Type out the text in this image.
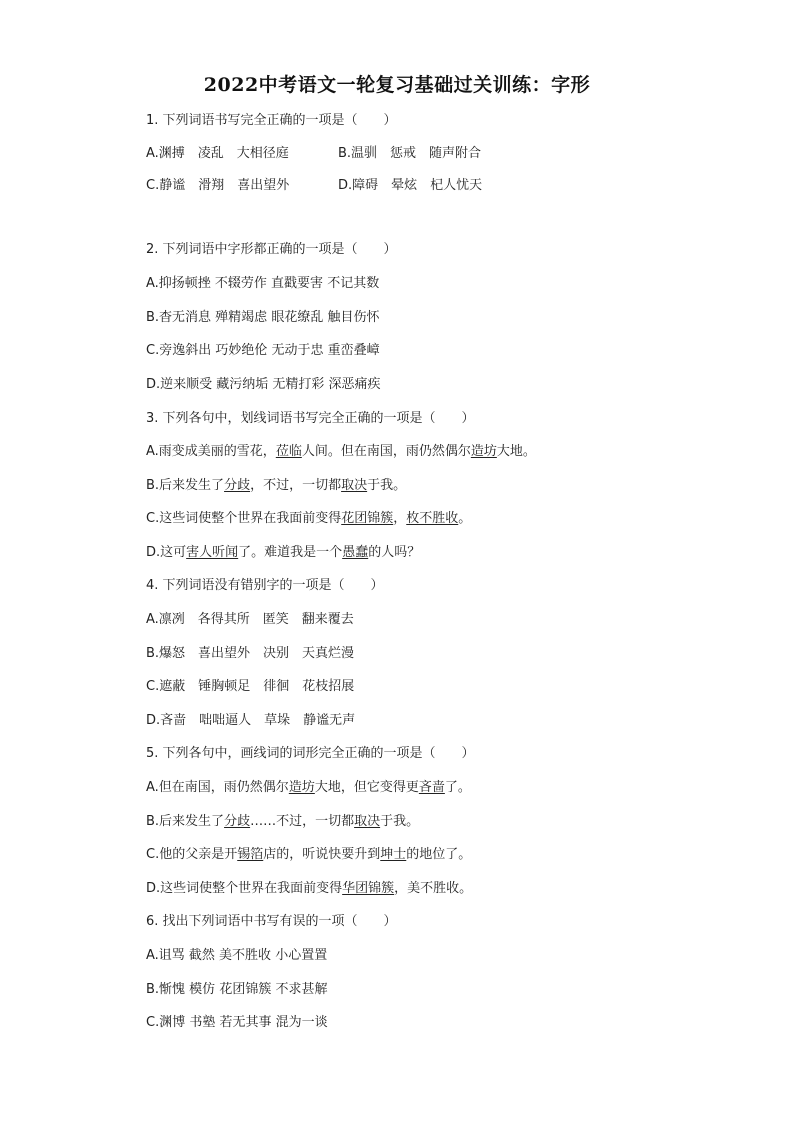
2022中考语文一轮复习基础过关训练：字形
1. 下列词语书写完全正确的一项是（　　）
A.渊搏　凌乱　大相径庭	B.温驯　惩戒　随声附合
C.静谧　滑翔　喜出望外	D.障碍　晕炫　杞人忧天
2. 下列词语中字形都正确的一项是（　　）
A.抑扬顿挫 不辍劳作 直戳要害 不记其数
B.杳无消息 殚精竭虑 眼花缭乱 触目伤怀
C.旁逸斜出 巧妙绝伦 无动于忠 重峦叠嶂
D.逆来顺受 藏污纳垢 无精打彩 深恶痛疾
3. 下列各句中，划线词语书写完全正确的一项是（　　）
A.雨变成美丽的雪花，莅临人间。但在南国，雨仍然偶尔造坊大地。
B.后来发生了分歧，不过，一切都取决于我。
C.这些词使整个世界在我面前变得花团锦簇，枚不胜收。
D.这可害人听闻了。难道我是一个愚蠢的人吗？
4. 下列词语没有错别字的一项是（　　）
A.凛冽　各得其所　匿笑　翻来覆去
B.爆怒　喜出望外　决别　天真烂漫
C.遮蔽　锤胸顿足　徘徊　花枝招展
D.吝啬　咄咄逼人　草垛　静谧无声
5. 下列各句中，画线词的词形完全正确的一项是（　　）
A.但在南国，雨仍然偶尔造坊大地，但它变得更吝啬了。
B.后来发生了分歧……不过，一切都取决于我。
C.他的父亲是开锡箔店的，听说快要升到坤士的地位了。
D.这些词使整个世界在我面前变得华团锦簇，美不胜收。
6. 找出下列词语中书写有误的一项（　　）
A.诅骂 截然 美不胜收 小心置置
B.惭愧 模仿 花团锦簇 不求甚解
C.渊博 书塾 若无其事 混为一谈
